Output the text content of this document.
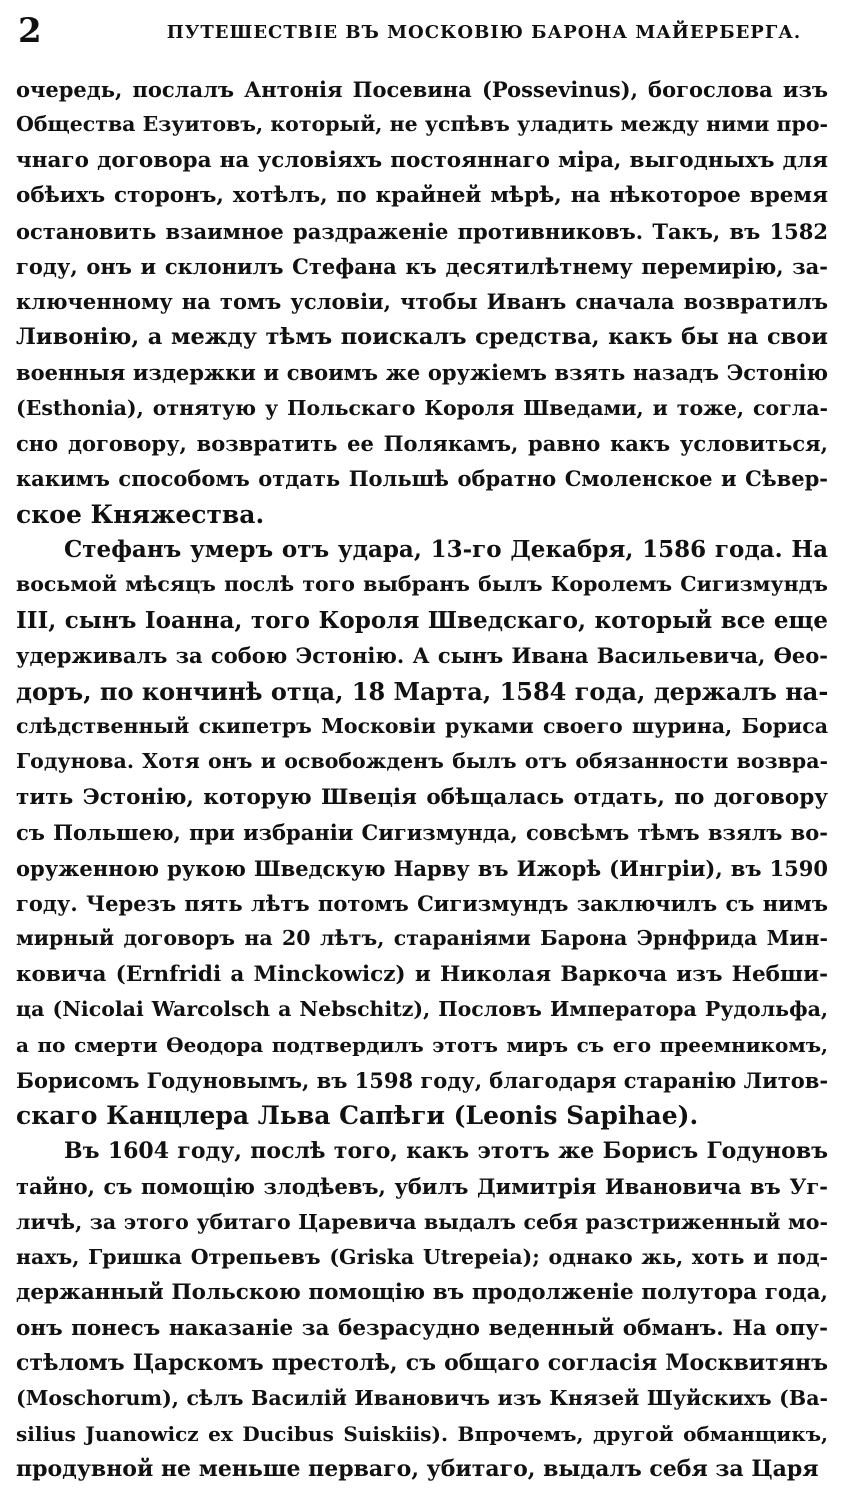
2	ПУТЕШЕСТВІЕ ВЪ МОСКОВІЮ БАРОНА МАЙЕРБЕРГА.
очередь, послалъ Антонія Посевина (Possevinus), богослова изъ
Общества Езуитовъ, который, не успѣвъ уладить между ними про-
чнаго договора на условіяхъ постояннаго міра, выгодныхъ для
обѣихъ сторонъ, хотѣлъ, по крайней мѣрѣ, на нѣкоторое время
остановить взаимное раздраженіе противниковъ. Такъ, въ 1582
году, онъ и склонилъ Стефана къ десятилѣтнему перемирію, за-
ключенному на томъ условіи, чтобы Иванъ сначала возвратилъ
Ливонію, а между тѣмъ поискалъ средства, какъ бы на свои
военныя издержки и своимъ же оружіемъ взять назадъ Эстонію
(Esthonia), отнятую у Польскаго Короля Шведами, и тоже, согла-
сно договору, возвратить ее Полякамъ, равно какъ условиться,
какимъ способомъ отдать Польшѣ обратно Смоленское и Сѣвер-
ское Княжества.
Стефанъ умеръ отъ удара, 13-го Декабря, 1586 года. На
восьмой мѣсяцъ послѣ того выбранъ былъ Королемъ Сигизмундъ
III, сынъ Іоанна, того Короля Шведскаго, который все еще
удерживалъ за собою Эстонію. А сынъ Ивана Васильевича, Ѳео-
доръ, по кончинѣ отца, 18 Марта, 1584 года, держалъ на-
слѣдственный скипетръ Московіи руками своего шурина, Бориса
Годунова. Хотя онъ и освобожденъ былъ отъ обязанности возвра-
тить Эстонію, которую Швеція обѣщалась отдать, по договору
съ Польшею, при избраніи Сигизмунда, совсѣмъ тѣмъ взялъ во-
оруженною рукою Шведскую Нарву въ Ижорѣ (Ингріи), въ 1590
году. Черезъ пять лѣтъ потомъ Сигизмундъ заключилъ съ нимъ
мирный договоръ на 20 лѣтъ, стараніями Барона Эрнфрида Мин-
ковича (Ernfridi a Minckowicz) и Николая Варкоча изъ Небши-
ца (Nicolai Warcolsch a Nebschitz), Пословъ Императора Рудольфа,
а по смерти Ѳеодора подтвердилъ этотъ миръ съ его преемникомъ,
Борисомъ Годуновымъ, въ 1598 году, благодаря старанію Литов-
скаго Канцлера Льва Сапѣги (Leonis Sapihae).
Въ 1604 году, послѣ того, какъ этотъ же Борисъ Годуновъ
тайно, съ помощію злодѣевъ, убилъ Димитрія Ивановича въ Уг-
личѣ, за этого убитаго Царевича выдалъ себя разстриженный мо-
нахъ, Гришка Отрепьевъ (Griska Utrepeia); однако жь, хоть и под-
держанный Польскою помощію въ продолженіе полутора года,
онъ понесъ наказаніе за безрасудно веденный обманъ. На опу-
стѣломъ Царскомъ престолѣ, съ общаго согласія Москвитянъ
(Moschorum), сѣлъ Василій Ивановичъ изъ Князей Шуйскихъ (Ba-
silius Juanowicz ex Ducibus Suiskiis). Впрочемъ, другой обманщикъ,
продувной не меньше перваго, убитаго, выдалъ себя за Царя
